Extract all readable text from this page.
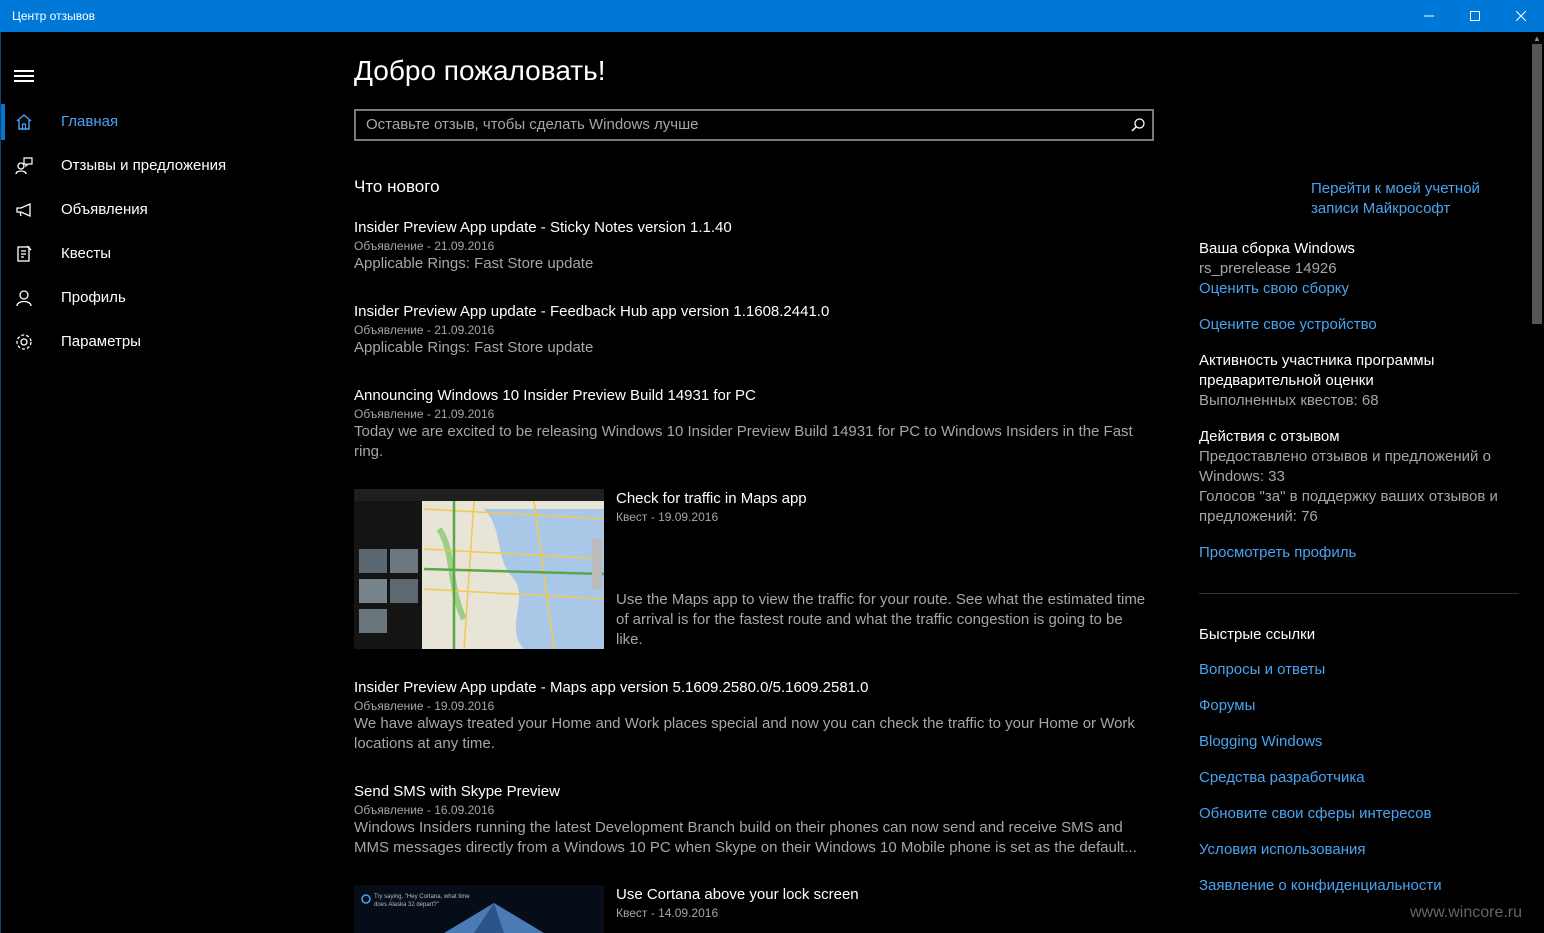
Центр отзывов
Главная
Отзывы и предложения
Объявления
Квесты
Профиль
Параметры
Добро пожаловать!
Оставьте отзыв, чтобы сделать Windows лучше
Что нового
Insider Preview App update - Sticky Notes version 1.1.40
Объявление - 21.09.2016
Applicable Rings: Fast Store update
Insider Preview App update - Feedback Hub app version 1.1608.2441.0
Объявление - 21.09.2016
Applicable Rings: Fast Store update
Announcing Windows 10 Insider Preview Build 14931 for PC
Объявление - 21.09.2016
Today we are excited to be releasing Windows 10 Insider Preview Build 14931 for PC to Windows Insiders in the Fast ring.
Check for traffic in Maps app
Квест - 19.09.2016
Use the Maps app to view the traffic for your route. See what the estimated time of arrival is for the fastest route and what the traffic congestion is going to be like.
Insider Preview App update - Maps app version 5.1609.2580.0/5.1609.2581.0
Объявление - 19.09.2016
We have always treated your Home and Work places special and now you can check the traffic to your Home or Work locations at any time.
Send SMS with Skype Preview
Объявление - 16.09.2016
Windows Insiders running the latest Development Branch build on their phones can now send and receive SMS and MMS messages directly from a Windows 10 PC when Skype on their Windows 10 Mobile phone is set as the default...
Try saying, "Hey Cortana, what time does Alaska 32 depart?"
Use Cortana above your lock screen
Квест - 14.09.2016
Перейти к моей учетной записи Майкрософт
Ваша сборка Windows
rs_prerelease 14926
Оценить свою сборку
Оцените свое устройство
Активность участника программы предварительной оценки
Выполненных квестов: 68
Действия с отзывом
Предоставлено отзывов и предложений о Windows: 33
Голосов "за" в поддержку ваших отзывов и предложений: 76
Просмотреть профиль
Быстрые ссылки
Вопросы и ответы
Форумы
Blogging Windows
Средства разработчика
Обновите свои сферы интересов
Условия использования
Заявление о конфиденциальности
▲
www.wincore.ru
